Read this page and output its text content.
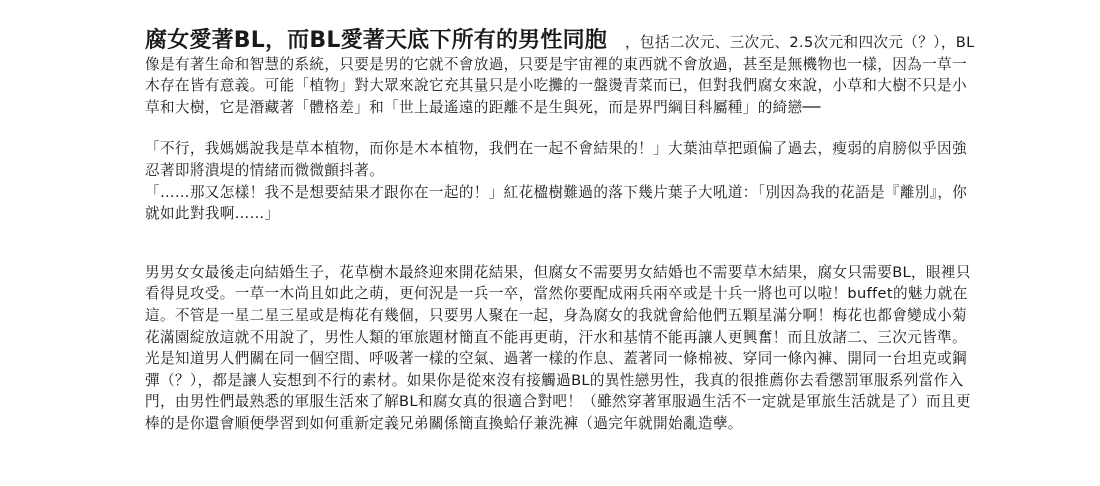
腐女愛著BL，而BL愛著天底下所有的男性同胞 ，包括二次元、三次元、2.5次元和四次元（？），BL像是有著生命和智慧的系統，只要是男的它就不會放過，只要是宇宙裡的東西就不會放過，甚至是無機物也一樣，因為一草一木存在皆有意義。可能「植物」對大眾來說它充其量只是小吃攤的一盤燙青菜而已，但對我們腐女來說，小草和大樹不只是小草和大樹，它是潛藏著「體格差」和「世上最遙遠的距離不是生與死，而是界門綱目科屬種」的綺戀──

「不行，我媽媽說我是草本植物，而你是木本植物，我們在一起不會結果的！」大葉油草把頭偏了過去，瘦弱的肩膀似乎因強忍著即將潰堤的情緒而微微顫抖著。

「……那又怎樣！我不是想要結果才跟你在一起的！」紅花楹樹難過的落下幾片葉子大吼道：「別因為我的花語是『離別』，你就如此對我啊……」

男男女女最後走向結婚生子，花草樹木最終迎來開花結果，但腐女不需要男女結婚也不需要草木結果，腐女只需要BL，眼裡只看得見攻受。一草一木尚且如此之萌，更何況是一兵一卒，當然你要配成兩兵兩卒或是十兵一將也可以啦！buffet的魅力就在這。不管是一星二星三星或是梅花有幾個，只要男人聚在一起，身為腐女的我就會給他們五顆星滿分啊！梅花也都會變成小菊花滿園綻放這就不用說了，男性人類的軍旅題材簡直不能再更萌，汗水和基情不能再讓人更興奮！而且放諸二、三次元皆準。光是知道男人們關在同一個空間、呼吸著一樣的空氣、過著一樣的作息、蓋著同一條棉被、穿同一條內褲、開同一台坦克或鋼彈（？），都是讓人妄想到不行的素材。如果你是從來沒有接觸過BL的異性戀男性，我真的很推薦你去看懲罰軍服系列當作入門，由男性們最熟悉的軍服生活來了解BL和腐女真的很適合對吧！（雖然穿著軍服過生活不一定就是軍旅生活就是了）而且更棒的是你還會順便學習到如何重新定義兄弟關係簡直換蛤仔兼洗褲（過完年就開始亂造孽。
